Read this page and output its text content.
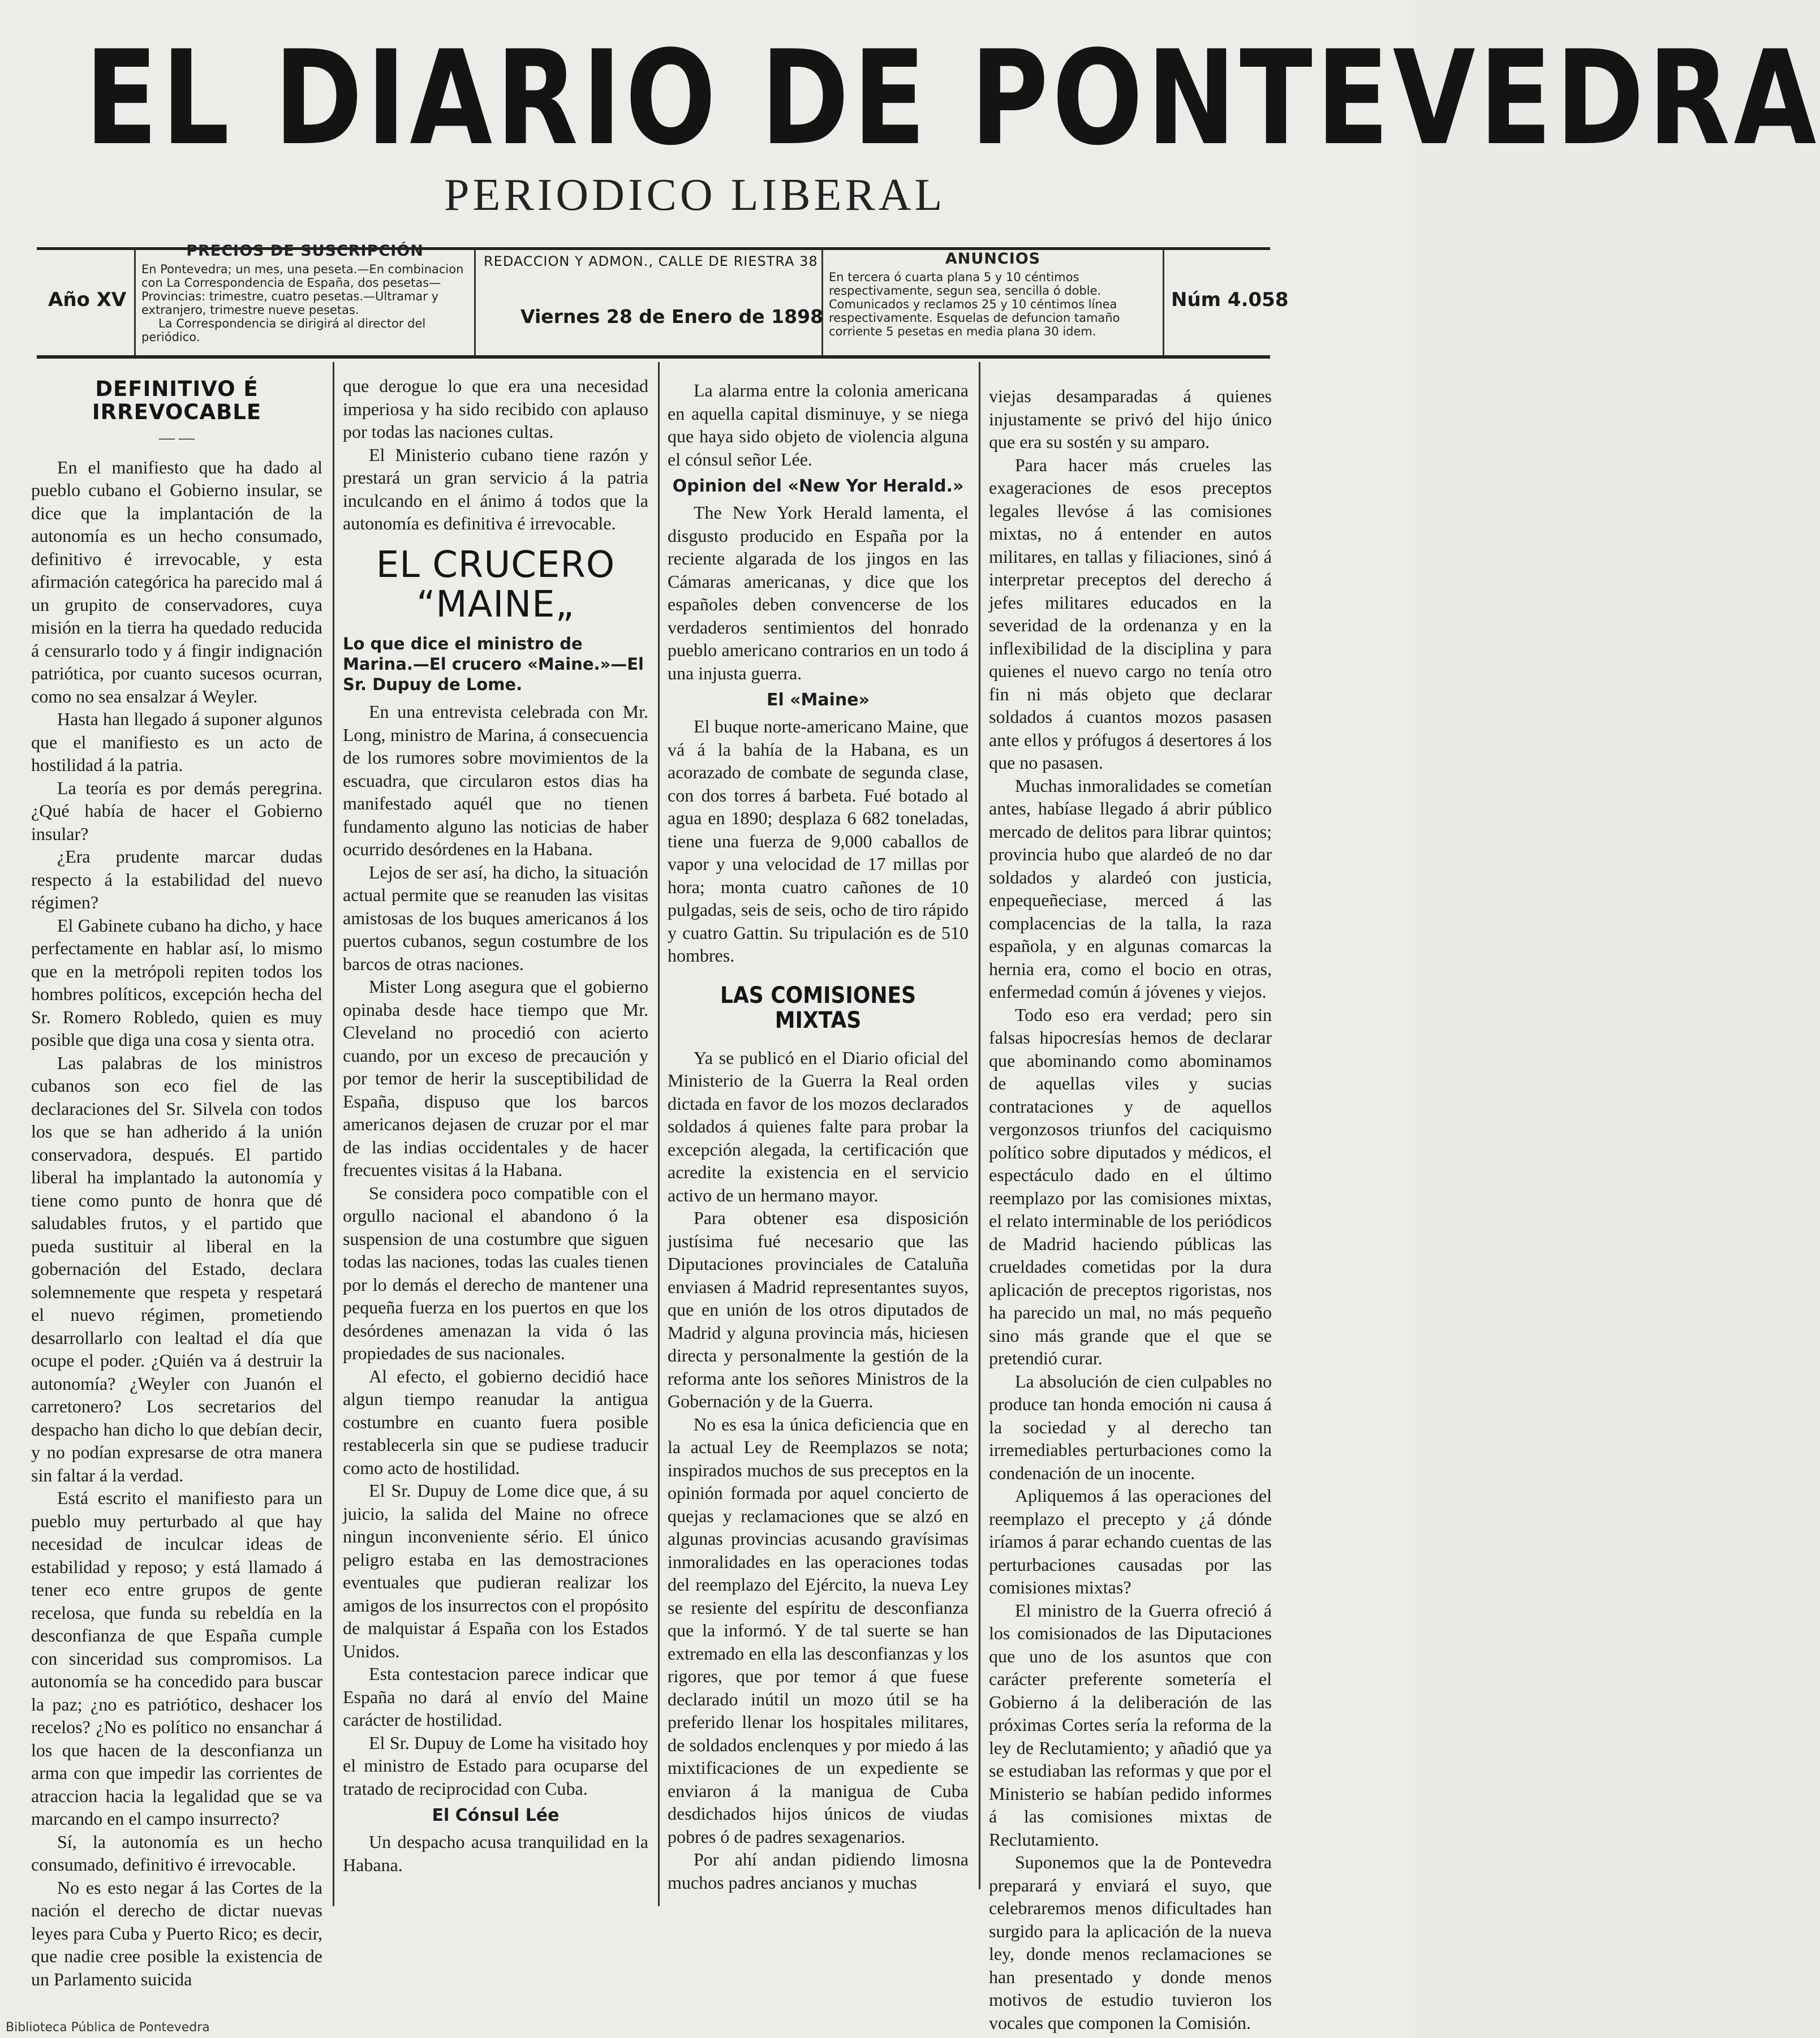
EL DIARIO DE PONTEVEDRA
PERIODICO LIBERAL
Año XV
PRECIOS DE SUSCRIPCIÓN
En Pontevedra; un mes, una peseta.—En combinacion con La Correspondencia de España, dos pesetas—Provincias: trimestre, cuatro pesetas.—Ultramar y extranjero, trimestre nueve pesetas.
La Correspondencia se dirigirá al director del periódico.
REDACCION Y ADMON., CALLE DE RIESTRA 38
Viernes 28 de Enero de 1898
ANUNCIOS
En tercera ó cuarta plana 5 y 10 céntimos respectivamente, segun sea, sencilla ó doble. Comunicados y reclamos 25 y 10 céntimos línea respectivamente. Esquelas de defuncion tamaño corriente 5 pesetas en media plana 30 idem.
Núm 4.058
DEFINITIVO É IRREVOCABLE
— —

En el manifiesto que ha dado al pueblo cubano el Gobierno insular, se dice que la implantación de la autonomía es un hecho consumado, definitivo é irrevocable, y esta afirmación categórica ha parecido mal á un grupito de conservadores, cuya misión en la tierra ha quedado reducida á censurarlo todo y á fingir indignación patriótica, por cuanto sucesos ocurran, como no sea ensalzar á Weyler.

Hasta han llegado á suponer algunos que el manifiesto es un acto de hostilidad á la patria.

La teoría es por demás peregrina. ¿Qué había de hacer el Gobierno insular?

¿Era prudente marcar dudas respecto á la estabilidad del nuevo régimen?

El Gabinete cubano ha dicho, y hace perfectamente en hablar así, lo mismo que en la metrópoli repiten todos los hombres políticos, excepción hecha del Sr. Romero Robledo, quien es muy posible que diga una cosa y sienta otra.

Las palabras de los ministros cubanos son eco fiel de las declaraciones del Sr. Silvela con todos los que se han adherido á la unión conservadora, después. El partido liberal ha implantado la autonomía y tiene como punto de honra que dé saludables frutos, y el partido que pueda sustituir al liberal en la gobernación del Estado, declara solemnemente que respeta y respetará el nuevo régimen, prometiendo desarrollarlo con lealtad el día que ocupe el poder. ¿Quién va á destruir la autonomía? ¿Weyler con Juanón el carretonero? Los secretarios del despacho han dicho lo que debían decir, y no podían expresarse de otra manera sin faltar á la verdad.

Está escrito el manifiesto para un pueblo muy perturbado al que hay necesidad de inculcar ideas de estabilidad y reposo; y está llamado á tener eco entre grupos de gente recelosa, que funda su rebeldía en la desconfianza de que España cumple con sinceridad sus compromisos. La autonomía se ha concedido para buscar la paz; ¿no es patriótico, deshacer los recelos? ¿No es político no ensanchar á los que hacen de la desconfianza un arma con que impedir las corrientes de atraccion hacia la legalidad que se va marcando en el campo insurrecto?

Sí, la autonomía es un hecho consumado, definitivo é irrevocable.

No es esto negar á las Cortes de la nación el derecho de dictar nuevas leyes para Cuba y Puerto Rico; es decir, que nadie cree posible la existencia de un Parlamento suicida

que derogue lo que era una necesidad imperiosa y ha sido recibido con aplauso por todas las naciones cultas.

El Ministerio cubano tiene razón y prestará un gran servicio á la patria inculcando en el ánimo á todos que la autonomía es definitiva é irrevocable.

EL CRUCERO “MAINE„
Lo que dice el ministro de Marina.—El crucero «Maine.»—El Sr. Dupuy de Lome.

En una entrevista celebrada con Mr. Long, ministro de Marina, á consecuencia de los rumores sobre movimientos de la escuadra, que circularon estos dias ha manifestado aquél que no tienen fundamento alguno las noticias de haber ocurrido desórdenes en la Habana.

Lejos de ser así, ha dicho, la situación actual permite que se reanuden las visitas amistosas de los buques americanos á los puertos cubanos, segun costumbre de los barcos de otras naciones.

Mister Long asegura que el gobierno opinaba desde hace tiempo que Mr. Cleveland no procedió con acierto cuando, por un exceso de precaución y por temor de herir la susceptibilidad de España, dispuso que los barcos americanos dejasen de cruzar por el mar de las indias occidentales y de hacer frecuentes visitas á la Habana.

Se considera poco compatible con el orgullo nacional el abandono ó la suspension de una costumbre que siguen todas las naciones, todas las cuales tienen por lo demás el derecho de mantener una pequeña fuerza en los puertos en que los desórdenes amenazan la vida ó las propiedades de sus nacionales.

Al efecto, el gobierno decidió hace algun tiempo reanudar la antigua costumbre en cuanto fuera posible restablecerla sin que se pudiese traducir como acto de hostilidad.

El Sr. Dupuy de Lome dice que, á su juicio, la salida del Maine no ofrece ningun inconveniente sério. El único peligro estaba en las demostraciones eventuales que pudieran realizar los amigos de los insurrectos con el propósito de malquistar á España con los Estados Unidos.

Esta contestacion parece indicar que España no dará al envío del Maine carácter de hostilidad.

El Sr. Dupuy de Lome ha visitado hoy el ministro de Estado para ocuparse del tratado de reciprocidad con Cuba.

El Cónsul Lée

Un despacho acusa tranquilidad en la Habana.

La alarma entre la colonia americana en aquella capital disminuye, y se niega que haya sido objeto de violencia alguna el cónsul señor Lée.

Opinion del «New Yor Herald.»

The New York Herald lamenta, el disgusto producido en España por la reciente algarada de los jingos en las Cámaras americanas, y dice que los españoles deben convencerse de los verdaderos sentimientos del honrado pueblo americano contrarios en un todo á una injusta guerra.

El «Maine»

El buque norte-americano Maine, que vá á la bahía de la Habana, es un acorazado de combate de segunda clase, con dos torres á barbeta. Fué botado al agua en 1890; desplaza 6 682 toneladas, tiene una fuerza de 9,000 caballos de vapor y una velocidad de 17 millas por hora; monta cuatro cañones de 10 pulgadas, seis de seis, ocho de tiro rápido y cuatro Gattin. Su tripulación es de 510 hombres.

LAS COMISIONES MIXTAS

Ya se publicó en el Diario oficial del Ministerio de la Guerra la Real orden dictada en favor de los mozos declarados soldados á quienes falte para probar la excepción alegada, la certificación que acredite la existencia en el servicio activo de un hermano mayor.

Para obtener esa disposición justísima fué necesario que las Diputaciones provinciales de Cataluña enviasen á Madrid representantes suyos, que en unión de los otros diputados de Madrid y alguna provincia más, hiciesen directa y personalmente la gestión de la reforma ante los señores Ministros de la Gobernación y de la Guerra.

No es esa la única deficiencia que en la actual Ley de Reemplazos se nota; inspirados muchos de sus preceptos en la opinión formada por aquel concierto de quejas y reclamaciones que se alzó en algunas provincias acusando gravísimas inmoralidades en las operaciones todas del reemplazo del Ejército, la nueva Ley se resiente del espíritu de desconfianza que la informó. Y de tal suerte se han extremado en ella las desconfianzas y los rigores, que por temor á que fuese declarado inútil un mozo útil se ha preferido llenar los hospitales militares, de soldados enclenques y por miedo á las mixtificaciones de un expediente se enviaron á la manigua de Cuba desdichados hijos únicos de viudas pobres ó de padres sexagenarios.

Por ahí andan pidiendo limosna muchos padres ancianos y muchas

viejas desamparadas á quienes injustamente se privó del hijo único que era su sostén y su amparo.

Para hacer más crueles las exageraciones de esos preceptos legales llevóse á las comisiones mixtas, no á entender en autos militares, en tallas y filiaciones, sinó á interpretar preceptos del derecho á jefes militares educados en la severidad de la ordenanza y en la inflexibilidad de la disciplina y para quienes el nuevo cargo no tenía otro fin ni más objeto que declarar soldados á cuantos mozos pasasen ante ellos y prófugos á desertores á los que no pasasen.

Muchas inmoralidades se cometían antes, habíase llegado á abrir público mercado de delitos para librar quintos; provincia hubo que alardeó de no dar soldados y alardeó con justicia, enpequeñeciase, merced á las complacencias de la talla, la raza española, y en algunas comarcas la hernia era, como el bocio en otras, enfermedad común á jóvenes y viejos.

Todo eso era verdad; pero sin falsas hipocresías hemos de declarar que abominando como abominamos de aquellas viles y sucias contrataciones y de aquellos vergonzosos triunfos del caciquismo político sobre diputados y médicos, el espectáculo dado en el último reemplazo por las comisiones mixtas, el relato interminable de los periódicos de Madrid haciendo públicas las crueldades cometidas por la dura aplicación de preceptos rigoristas, nos ha parecido un mal, no más pequeño sino más grande que el que se pretendió curar.

La absolución de cien culpables no produce tan honda emoción ni causa á la sociedad y al derecho tan irremediables perturbaciones como la condenación de un inocente.

Apliquemos á las operaciones del reemplazo el precepto y ¿á dónde iríamos á parar echando cuentas de las perturbaciones causadas por las comisiones mixtas?

El ministro de la Guerra ofreció á los comisionados de las Diputaciones que uno de los asuntos que con carácter preferente sometería el Gobierno á la deliberación de las próximas Cortes sería la reforma de la ley de Reclutamiento; y añadió que ya se estudiaban las reformas y que por el Ministerio se habían pedido informes á las comisiones mixtas de Reclutamiento.

Suponemos que la de Pontevedra preparará y enviará el suyo, que celebraremos menos dificultades han surgido para la aplicación de la nueva ley, donde menos reclamaciones se han presentado y donde menos motivos de estudio tuvieron los vocales que componen la Comisión.

Biblioteca Pública de Pontevedra
